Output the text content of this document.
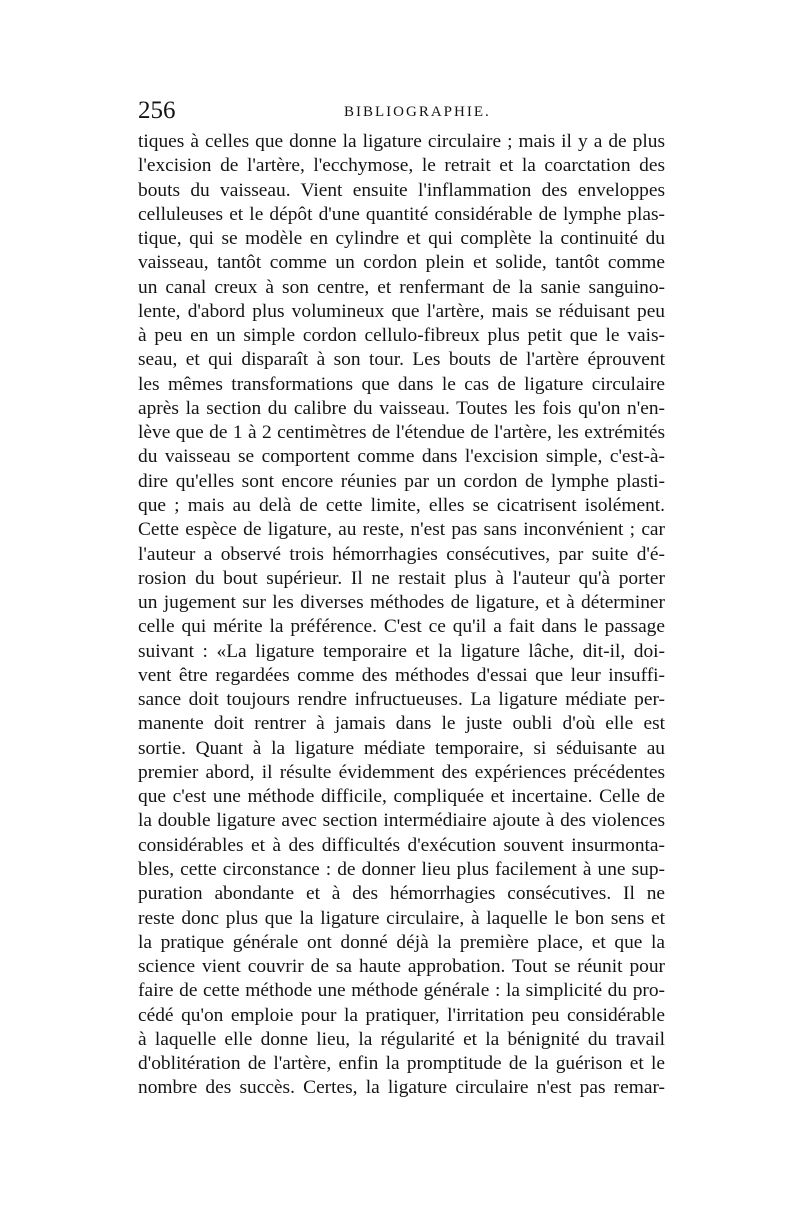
256	BIBLIOGRAPHIE.
tiques à celles que donne la ligature circulaire ; mais il y a de plus
l'excision de l'artère, l'ecchymose, le retrait et la coarctation des
bouts du vaisseau. Vient ensuite l'inflammation des enveloppes
celluleuses et le dépôt d'une quantité considérable de lymphe plas-
tique, qui se modèle en cylindre et qui complète la continuité du
vaisseau, tantôt comme un cordon plein et solide, tantôt comme
un canal creux à son centre, et renfermant de la sanie sanguino-
lente, d'abord plus volumineux que l'artère, mais se réduisant peu
à peu en un simple cordon cellulo-fibreux plus petit que le vais-
seau, et qui disparaît à son tour. Les bouts de l'artère éprouvent
les mêmes transformations que dans le cas de ligature circulaire
après la section du calibre du vaisseau. Toutes les fois qu'on n'en-
lève que de 1 à 2 centimètres de l'étendue de l'artère, les extrémités
du vaisseau se comportent comme dans l'excision simple, c'est-à-
dire qu'elles sont encore réunies par un cordon de lymphe plasti-
que ; mais au delà de cette limite, elles se cicatrisent isolément.
Cette espèce de ligature, au reste, n'est pas sans inconvénient ; car
l'auteur a observé trois hémorrhagies consécutives, par suite d'é-
rosion du bout supérieur. Il ne restait plus à l'auteur qu'à porter
un jugement sur les diverses méthodes de ligature, et à déterminer
celle qui mérite la préférence. C'est ce qu'il a fait dans le passage
suivant : «La ligature temporaire et la ligature lâche, dit-il, doi-
vent être regardées comme des méthodes d'essai que leur insuffi-
sance doit toujours rendre infructueuses. La ligature médiate per-
manente doit rentrer à jamais dans le juste oubli d'où elle est
sortie. Quant à la ligature médiate temporaire, si séduisante au
premier abord, il résulte évidemment des expériences précédentes
que c'est une méthode difficile, compliquée et incertaine. Celle de
la double ligature avec section intermédiaire ajoute à des violences
considérables et à des difficultés d'exécution souvent insurmonta-
bles, cette circonstance : de donner lieu plus facilement à une sup-
puration abondante et à des hémorrhagies consécutives. Il ne
reste donc plus que la ligature circulaire, à laquelle le bon sens et
la pratique générale ont donné déjà la première place, et que la
science vient couvrir de sa haute approbation. Tout se réunit pour
faire de cette méthode une méthode générale : la simplicité du pro-
cédé qu'on emploie pour la pratiquer, l'irritation peu considérable
à laquelle elle donne lieu, la régularité et la bénignité du travail
d'oblitération de l'artère, enfin la promptitude de la guérison et le
nombre des succès. Certes, la ligature circulaire n'est pas remar-
